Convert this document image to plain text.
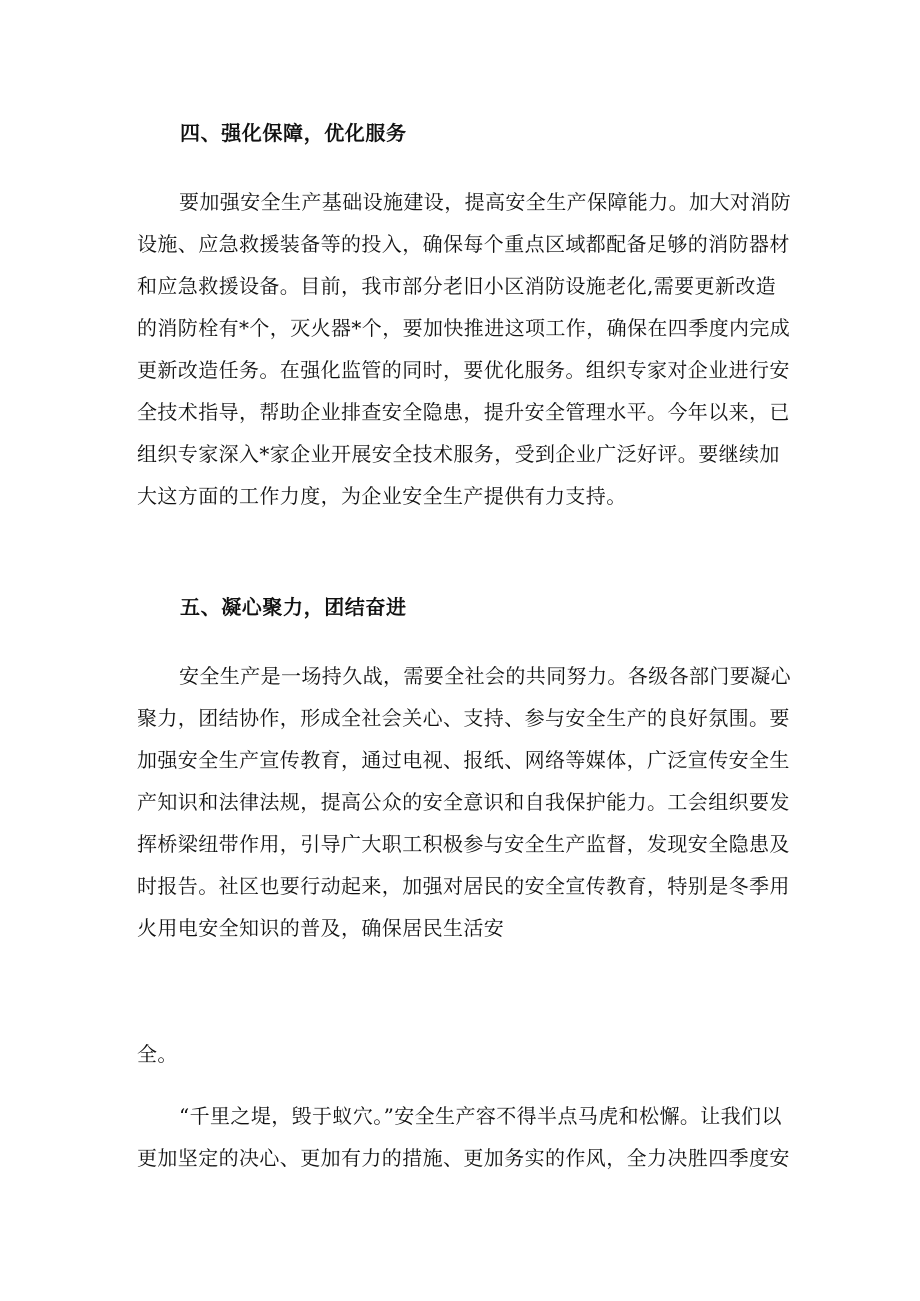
四、强化保障，优化服务
要加强安全生产基础设施建设，提高安全生产保障能力。加大对消防设施、应急救援装备等的投入，确保每个重点区域都配备足够的消防器材和应急救援设备。目前，我市部分老旧小区消防设施老化,需要更新改造的消防栓有*个，灭火器*个，要加快推进这项工作，确保在四季度内完成更新改造任务。在强化监管的同时，要优化服务。组织专家对企业进行安全技术指导，帮助企业排查安全隐患，提升安全管理水平。今年以来，已组织专家深入*家企业开展安全技术服务，受到企业广泛好评。要继续加大这方面的工作力度，为企业安全生产提供有力支持。
五、凝心聚力，团结奋进
安全生产是一场持久战，需要全社会的共同努力。各级各部门要凝心聚力，团结协作，形成全社会关心、支持、参与安全生产的良好氛围。要加强安全生产宣传教育，通过电视、报纸、网络等媒体，广泛宣传安全生产知识和法律法规，提高公众的安全意识和自我保护能力。工会组织要发挥桥梁纽带作用，引导广大职工积极参与安全生产监督，发现安全隐患及时报告。社区也要行动起来，加强对居民的安全宣传教育，特别是冬季用火用电安全知识的普及，确保居民生活安
全。
“千里之堤，毁于蚁穴。”安全生产容不得半点马虎和松懈。让我们以更加坚定的决心、更加有力的措施、更加务实的作风，全力决胜四季度安
